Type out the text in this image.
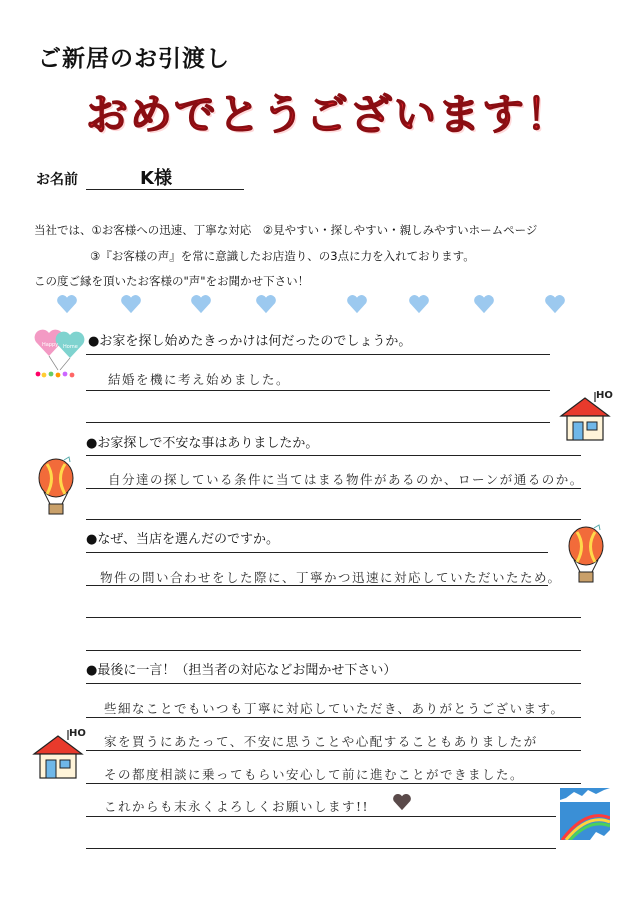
ご新居のお引渡し
おめでとうございます！
お名前	K様
当社では、①お客様への迅速、丁寧な対応　②見やすい・探しやすい・親しみやすいホームページ
③『お客様の声』を常に意識したお店造り、の3点に力を入れております。
この度ご縁を頂いたお客様の"声"をお聞かせ下さい！
●お家を探し始めたきっかけは何だったのでしょうか。
結婚を機に考え始めました。
●お家探しで不安な事はありましたか。
自分達の探している条件に当てはまる物件があるのか、ローンが通るのか。
●なぜ、当店を選んだのですか。
物件の問い合わせをした際に、丁寧かつ迅速に対応していただいたため。
●最後に一言！（担当者の対応などお聞かせ下さい）
些細なことでもいつも丁寧に対応していただき、ありがとうございます。
家を買うにあたって、不安に思うことや心配することもありましたが
その都度相談に乗ってもらい安心して前に進むことができました。
これからも末永くよろしくお願いします!!
Happy Home
HO
HO
